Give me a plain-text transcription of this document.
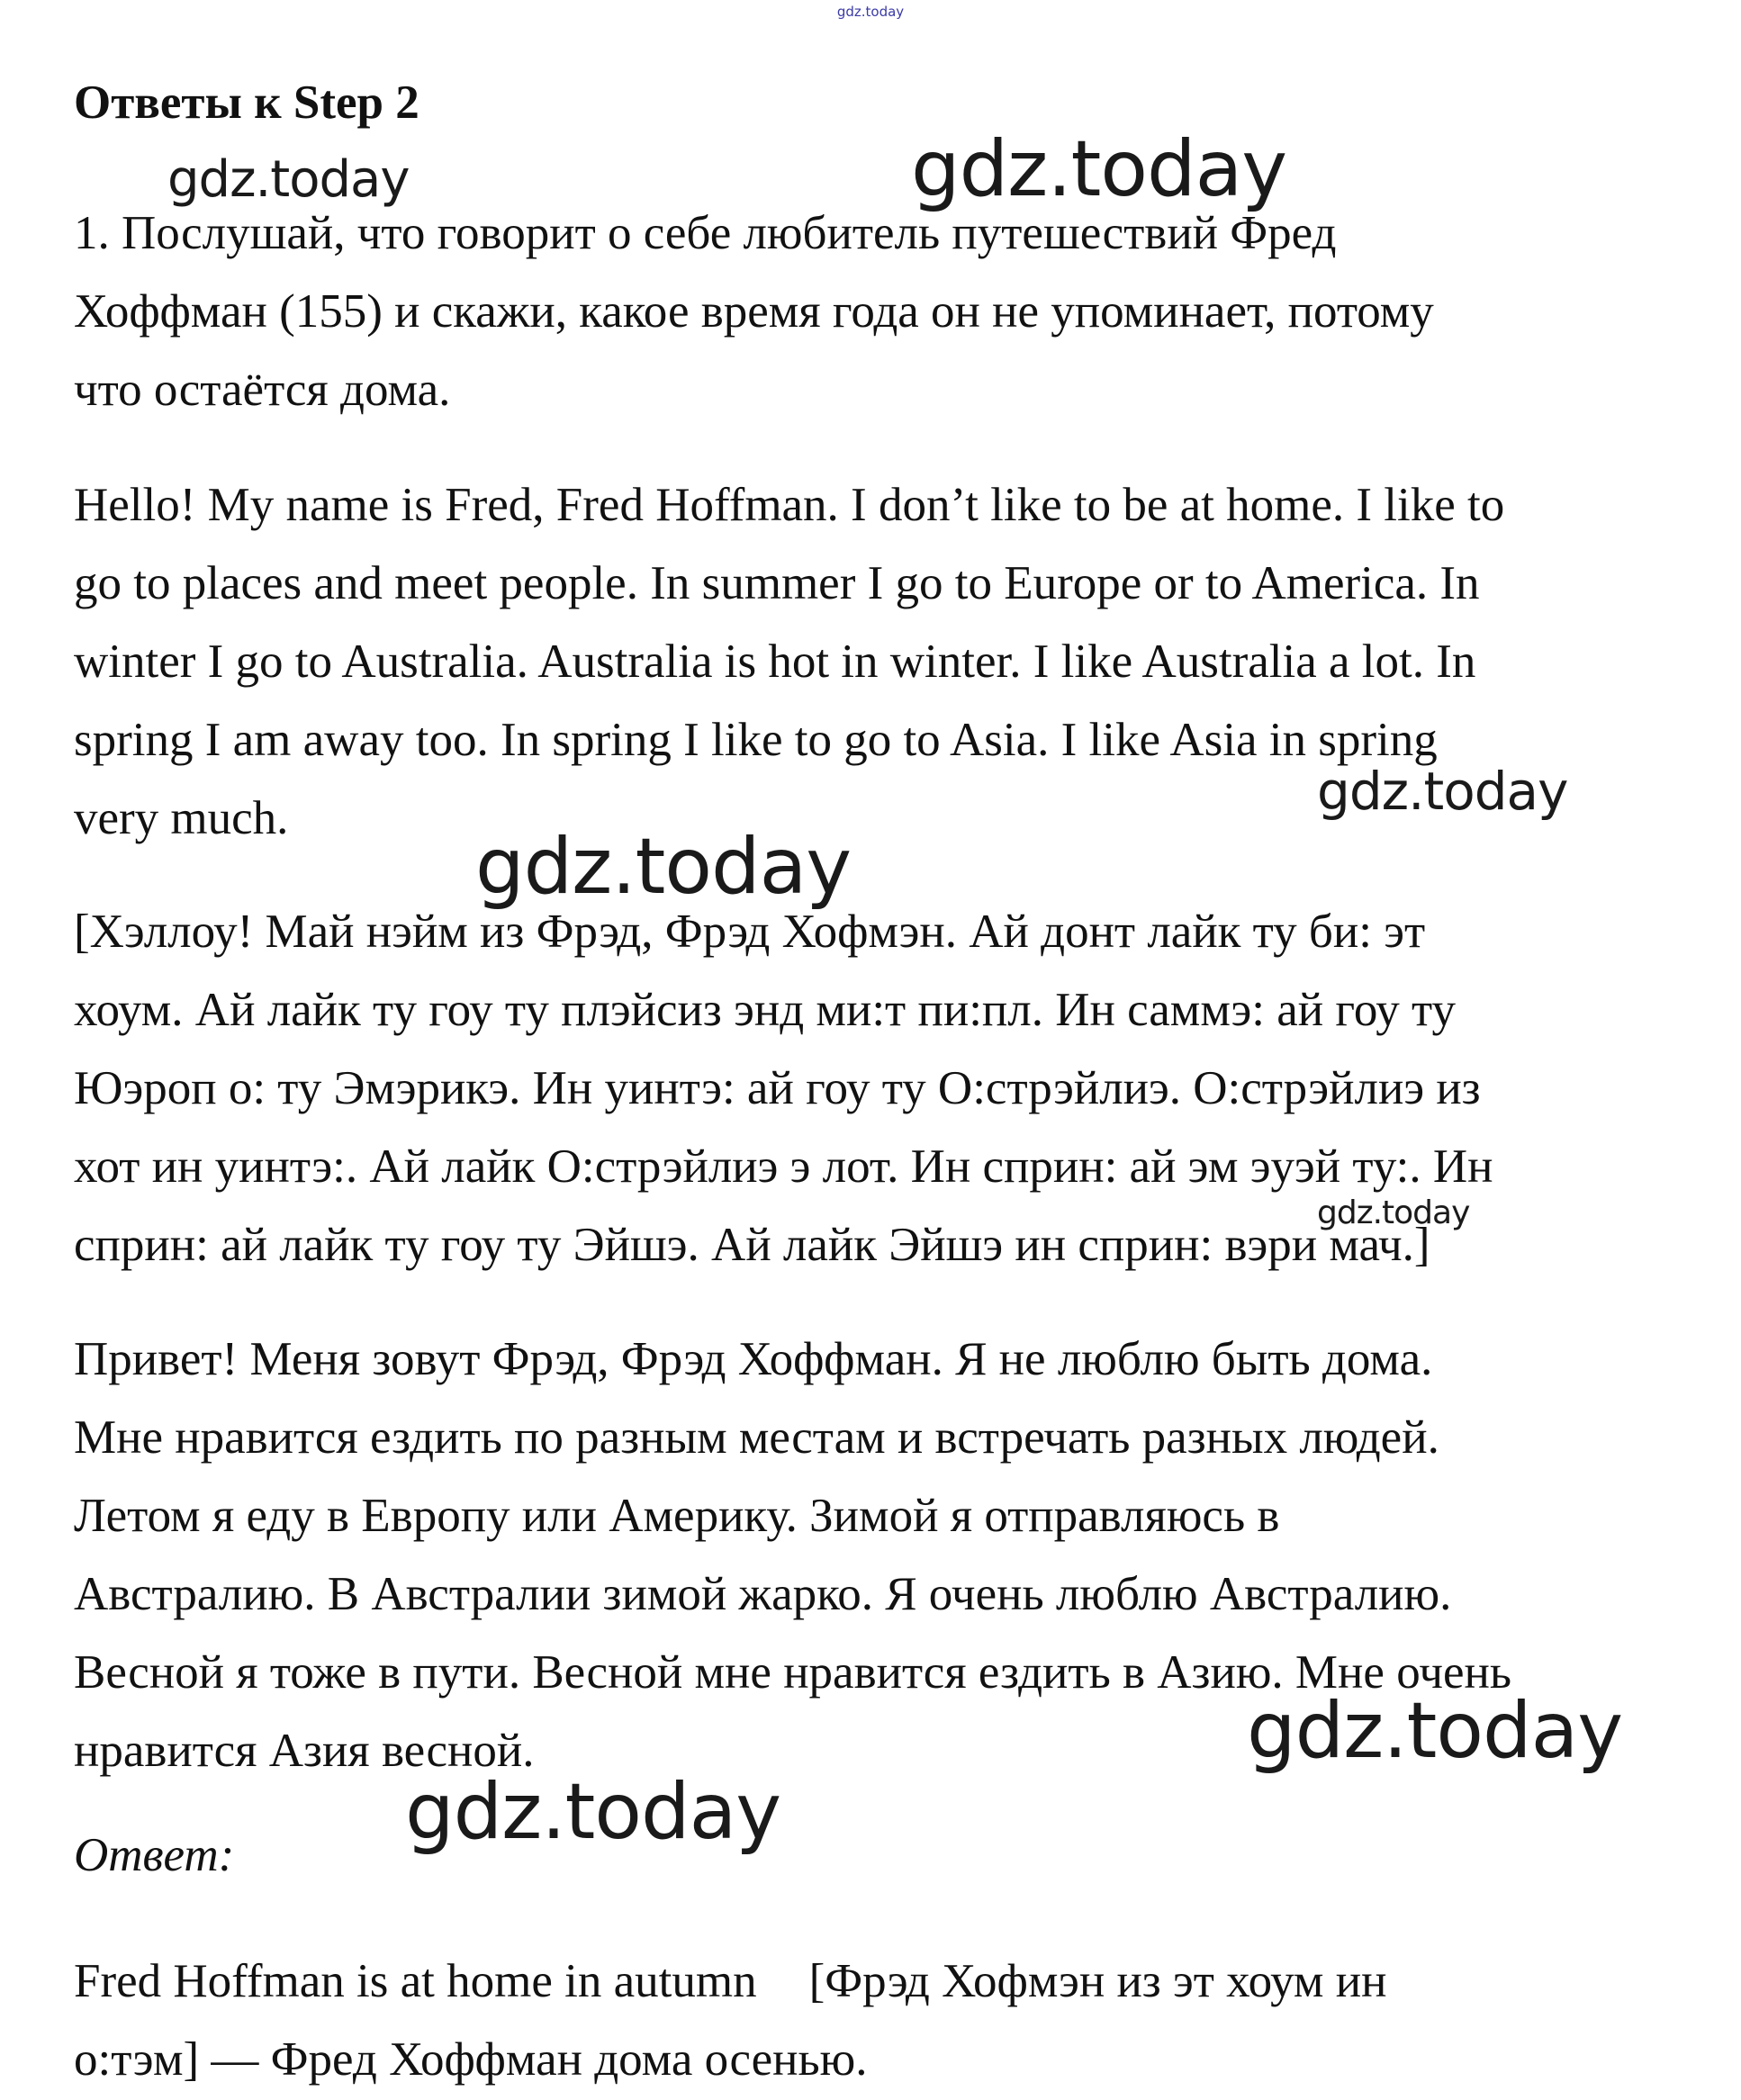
gdz.today
Ответы к Step 2
1. Послушай, что говорит о себе любитель путешествий Фред
Хоффман (155) и скажи, какое время года он не упоминает, потому
что остаётся дома.
Hello! My name is Fred, Fred Hoffman. I don’t like to be at home. I like to
go to places and meet people. In summer I go to Europe or to America. In
winter I go to Australia. Australia is hot in winter. I like Australia a lot. In
spring I am away too. In spring I like to go to Asia. I like Asia in spring
very much.
[Хэллоу! Май нэйм из Фрэд, Фрэд Хофмэн. Ай донт лайк ту би: эт
хоум. Ай лайк ту гоу ту плэйсиз энд ми:т пи:пл. Ин саммэ: ай гоу ту
Юэроп о: ту Эмэрикэ. Ин уинтэ: ай гоу ту О:стрэйлиэ. О:стрэйлиэ из
хот ин уинтэ:. Ай лайк О:стрэйлиэ э лот. Ин сприн: ай эм эуэй ту:. Ин
сприн: ай лайк ту гоу ту Эйшэ. Ай лайк Эйшэ ин сприн: вэри мач.]
Привет! Меня зовут Фрэд, Фрэд Хоффман. Я не люблю быть дома.
Мне нравится ездить по разным местам и встречать разных людей.
Летом я еду в Европу или Америку. Зимой я отправляюсь в
Австралию. В Австралии зимой жарко. Я очень люблю Австралию.
Весной я тоже в пути. Весной мне нравится ездить в Азию. Мне очень
нравится Азия весной.
Ответ:
Fred Hoffman is at home in autumn [Фрэд Хофмэн из эт хоум ин
о:тэм] — Фред Хоффман дома осенью.
gdz.today	gdz.today
gdz.today
gdz.today
gdz.today
gdz.today
gdz.today
